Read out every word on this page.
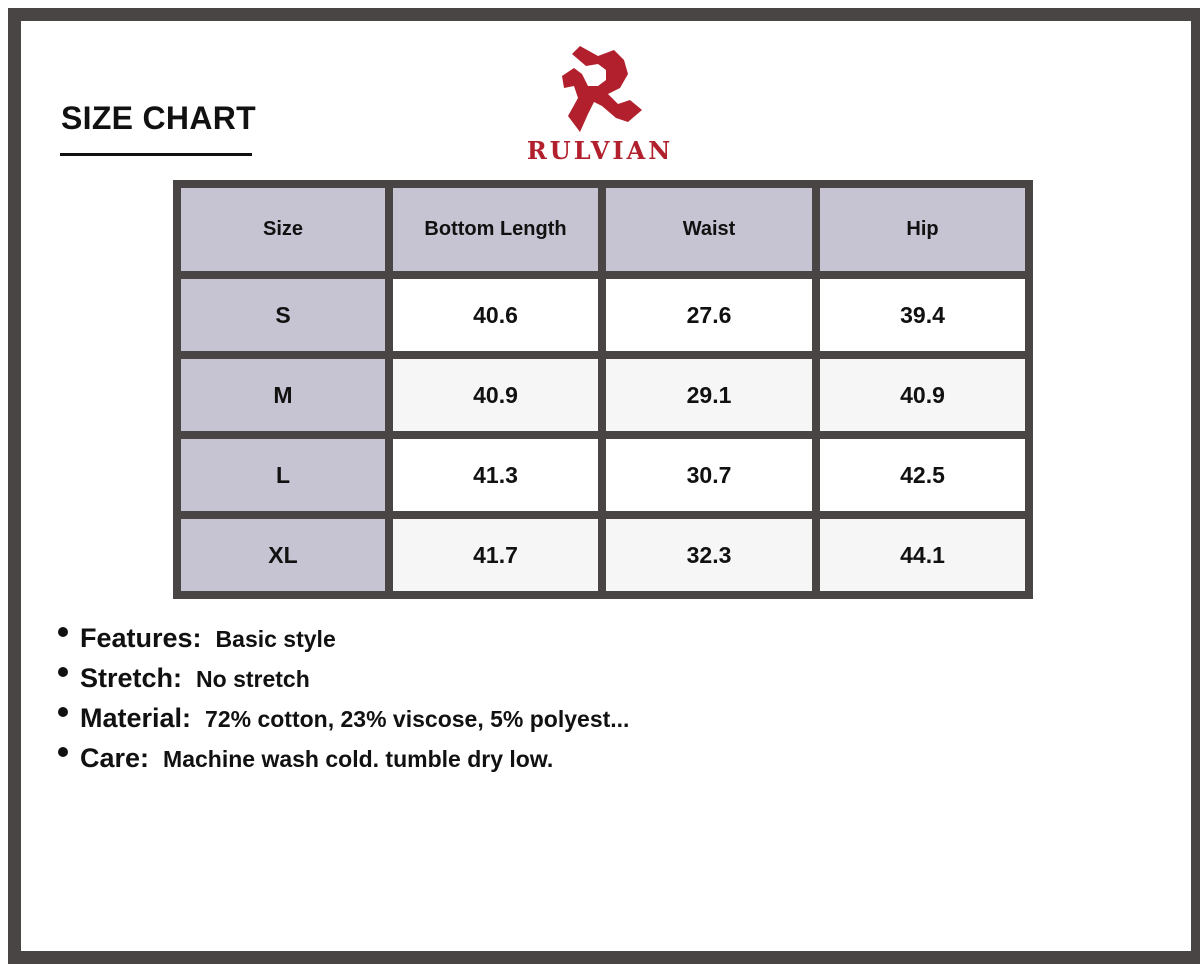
SIZE CHART
RULVIAN
Size	Bottom Length	Waist	Hip
S	40.6	27.6	39.4
M	40.9	29.1	40.9
L	41.3	30.7	42.5
XL	41.7	32.3	44.1
Features: Basic style
Stretch: No stretch
Material: 72% cotton, 23% viscose, 5% polyest...
Care: Machine wash cold. tumble dry low.
